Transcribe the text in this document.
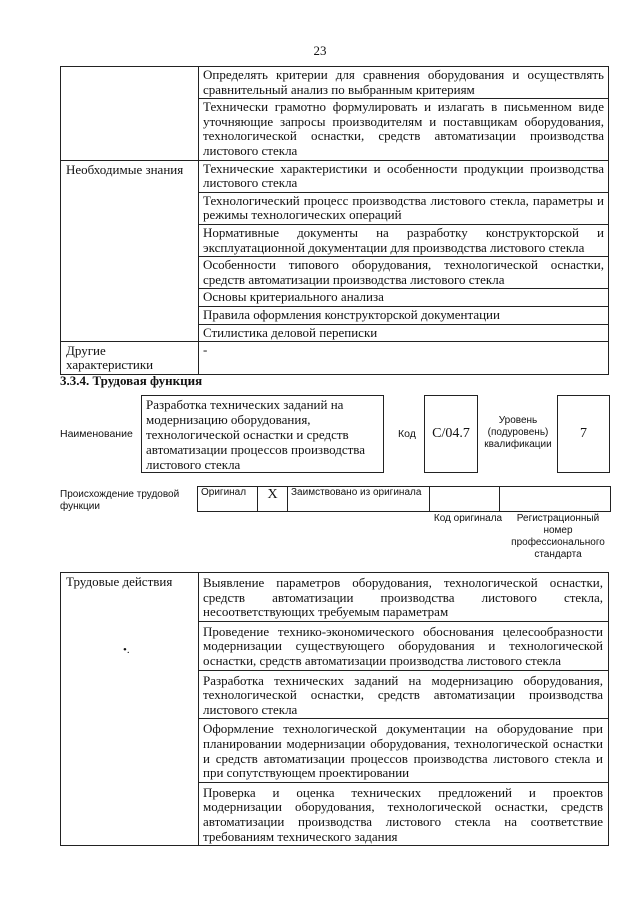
23

	Определять критерии для сравнения оборудования и осуществлять сравнительный анализ по выбранным критериям

	Технически грамотно формулировать и излагать в письменном виде уточняющие запросы производителям и поставщикам оборудования, технологической оснастки, средств автоматизации производства листового стекла

Необходимые знания	Технические характеристики и особенности продукции производства листового стекла

	Технологический процесс производства листового стекла, параметры и режимы технологических операций

	Нормативные документы на разработку конструкторской и эксплуатационной документации для производства листового стекла

	Особенности типового оборудования, технологической оснастки, средств автоматизации производства листового стекла

	Основы критериального анализа

	Правила оформления конструкторской документации

	Стилистика деловой переписки

Другие характеристики	-
3.3.4. Трудовая функция
Наименование
Разработка технических заданий на модернизацию оборудования, технологической оснастки и средств автоматизации процессов производства листового стекла
Код	C/04.7
Уровень (подуровень) квалификации
7
Происхождение трудовой функции
Оригинал	X	Заимствовано из оригинала		
Код оригинала	Регистрационный номер профессионального стандарта
Трудовые действия
•.

Выявление параметров оборудования, технологической оснастки, средств автоматизации производства листового стекла, несоответствующих требуемым параметрам

Проведение технико-экономического обоснования целесообразности модернизации существующего оборудования и технологической оснастки, средств автоматизации производства листового стекла

Разработка технических заданий на модернизацию оборудования, технологической оснастки, средств автоматизации производства листового стекла

Оформление технологической документации на оборудование при планировании модернизации оборудования, технологической оснастки и средств автоматизации процессов производства листового стекла и при сопутствующем проектировании

Проверка и оценка технических предложений и проектов модернизации оборудования, технологической оснастки, средств автоматизации производства листового стекла на соответствие требованиям технического задания
